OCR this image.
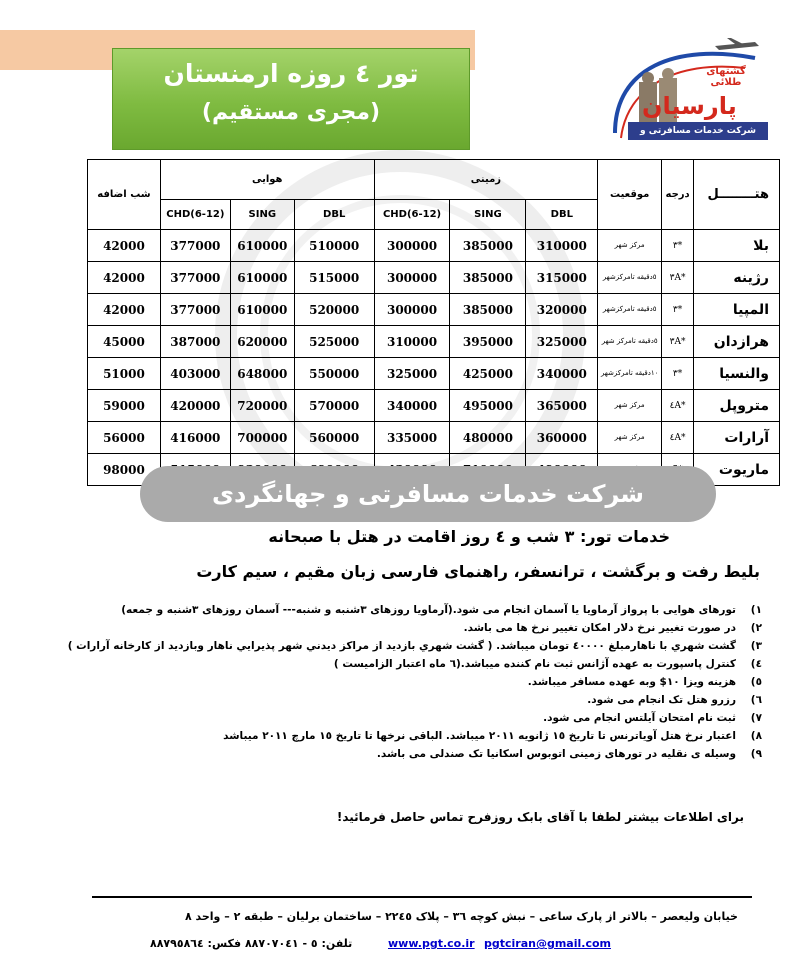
تور ٤ روزه ارمنستان
(مجری مستقیم)
گشتهای طلائی
پارسیان
شرکت خدمات مسافرتی و جهانگردی
هتــــــــل	درجه	موقعیت	زمینی			هوایی			شب اضافه
			DBL	SING	CHD(6-12)	DBL	SING	CHD(6-12)	
بلا	*٣	مركز شهر	310000	385000	300000	510000	610000	377000	42000
رژینه	*٣A	٥دقيقه تامركزشهر	315000	385000	300000	515000	610000	377000	42000
المپیا	*٣	٥دقيقه تامركزشهر	320000	385000	300000	520000	610000	377000	42000
هرازدان	*٣A	٥دقيقه تامركز شهر	325000	395000	310000	525000	620000	387000	45000
والنسیا	*٣	١٠دقيقه تامركزشهر	340000	425000	325000	550000	648000	403000	51000
متروپل	*٤A	مركز شهر	365000	495000	340000	570000	720000	420000	59000
آرارات	*٤A	مركز شهر	360000	480000	335000	560000	700000	416000	56000
ماریوت									98000
شرکت خدمات مسافرتی و جهانگردی
خدمات تور: ٣ شب و ٤ روز اقامت در هتل با صبحانه
بلیط رفت و برگشت ، ترانسفر، راهنمای فارسی زبان مقیم ، سیم کارت
١)
تورهای هوایی با پرواز آرماویا یا آسمان انجام می شود.(آرماویا روزهای ٣شنبه و شنبه--- آسمان روزهای ٣شنبه و جمعه)
٢)
در صورت تغییر نرخ دلار امکان تغییر نرخ ها می باشد.
٣)
گشت شهري با ناهارمبلغ ٤٠٠٠٠ تومان میباشد. ( گشت شهري بازديد از مراکز ديدني شهر پذيرايي ناهار وبازديد از کارخانه آرارات )
٤)
کنترل پاسپورت به عهده آژانس ثبت نام کننده میباشد.(٦ ماه اعتبار الزامیست )
٥)
هزینه ویزا ١٠$ وبه عهده مسافر میباشد.
٦)
رزرو هتل تک انجام می شود.
٧)
ثبت نام امتحان آیلتس انجام می شود.
٨)
اعتبار نرخ هتل آویاترنس تا تاریخ ١٥ ژانویه ٢٠١١ میباشد. الباقی نرخها تا تاریخ ١٥ مارچ ٢٠١١ میباشد
٩)
وسیله ی نقلیه در تورهای زمینی اتوبوس اسکانیا تک صندلی می باشد.
برای اطلاعات بیشتر لطفا با آقای بابک روزفرح تماس حاصل فرمائید!
خیابان ولیعصر – بالاتر از پارک ساعی – نبش کوچه ٣٦ – پلاک ٢٢٤٥ – ساختمان برلیان – طبقه ٢ – واحد ٨
pgtciran@gmail.com
www.pgt.co.ir
تلفن: ٥ - ٨٨٧٠٧٠٤١ فكس: ٨٨٧٩٥٨٦٤
